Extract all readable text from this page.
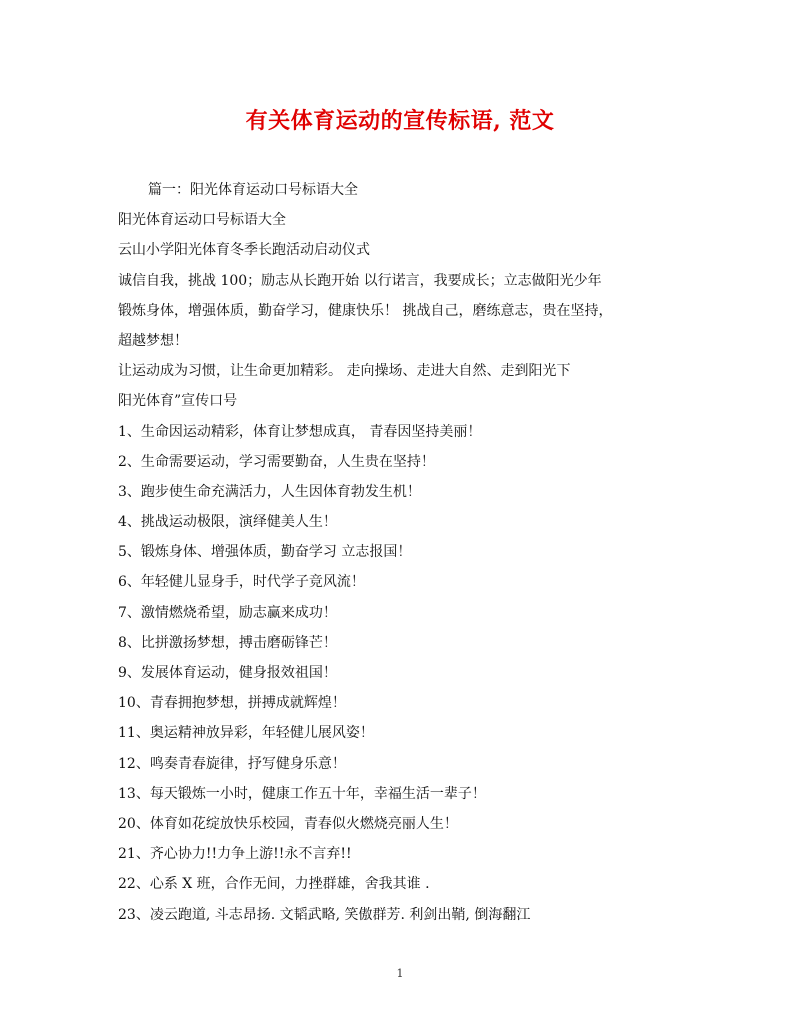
有关体育运动的宣传标语, 范文
篇一：阳光体育运动口号标语大全
阳光体育运动口号标语大全
云山小学阳光体育冬季长跑活动启动仪式
诚信自我，挑战 100；励志从长跑开始 以行诺言，我要成长；立志做阳光少年
锻炼身体，增强体质，勤奋学习，健康快乐！ 挑战自己，磨练意志，贵在坚持，
超越梦想！
让运动成为习惯，让生命更加精彩。 走向操场、走进大自然、走到阳光下
阳光体育”宣传口号
1、生命因运动精彩，体育让梦想成真， 青春因坚持美丽！
2、生命需要运动，学习需要勤奋，人生贵在坚持！
3、跑步使生命充满活力，人生因体育勃发生机！
4、挑战运动极限，演绎健美人生！
5、锻炼身体、增强体质，勤奋学习 立志报国！
6、年轻健儿显身手，时代学子竞风流！
7、激情燃烧希望，励志赢来成功！
8、比拼激扬梦想，搏击磨砺锋芒！
9、发展体育运动，健身报效祖国！
10、青春拥抱梦想，拼搏成就辉煌！
11、奥运精神放异彩，年轻健儿展风姿！
12、鸣奏青春旋律，抒写健身乐意！
13、每天锻炼一小时，健康工作五十年，幸福生活一辈子！
20、体育如花绽放快乐校园，青春似火燃烧亮丽人生！
21、齐心协力!!力争上游!!永不言弃!!
22、心系 X 班，合作无间，力挫群雄，舍我其谁 .
23、凌云跑道, 斗志昂扬. 文韬武略, 笑傲群芳. 利剑出鞘, 倒海翻江
1
